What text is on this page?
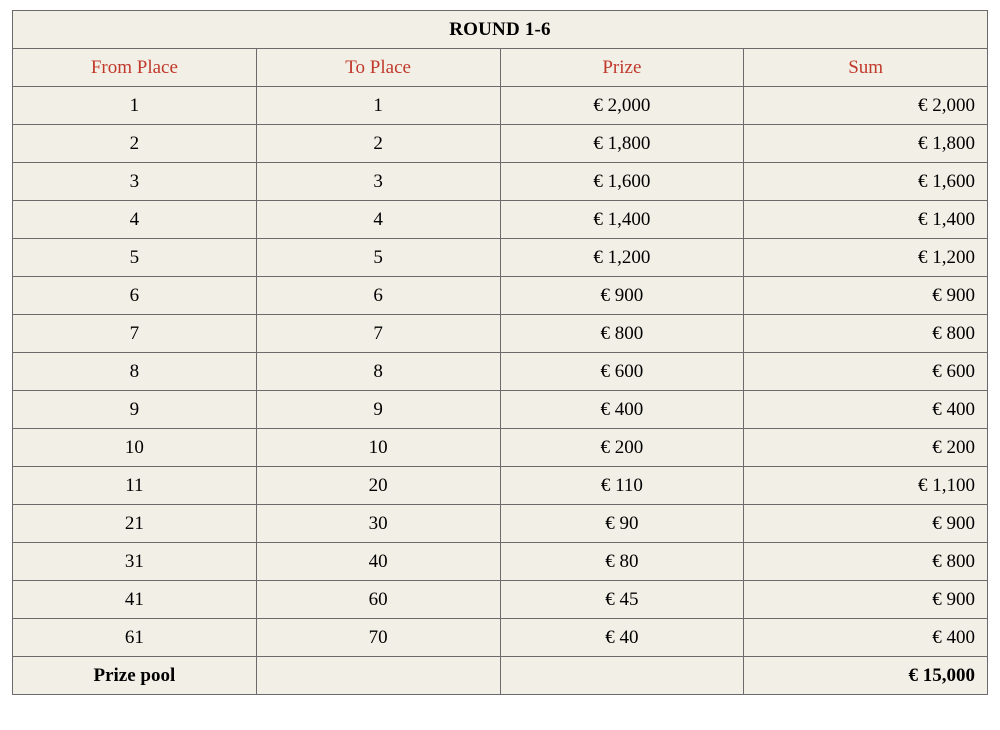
ROUND 1-6			
From Place	To Place	Prize	Sum
1	1	€ 2,000	€ 2,000
2	2	€ 1,800	€ 1,800
3	3	€ 1,600	€ 1,600
4	4	€ 1,400	€ 1,400
5	5	€ 1,200	€ 1,200
6	6	€ 900	€ 900
7	7	€ 800	€ 800
8	8	€ 600	€ 600
9	9	€ 400	€ 400
10	10	€ 200	€ 200
11	20	€ 110	€ 1,100
21	30	€ 90	€ 900
31	40	€ 80	€ 800
41	60	€ 45	€ 900
61	70	€ 40	€ 400
Prize pool			€ 15,000
